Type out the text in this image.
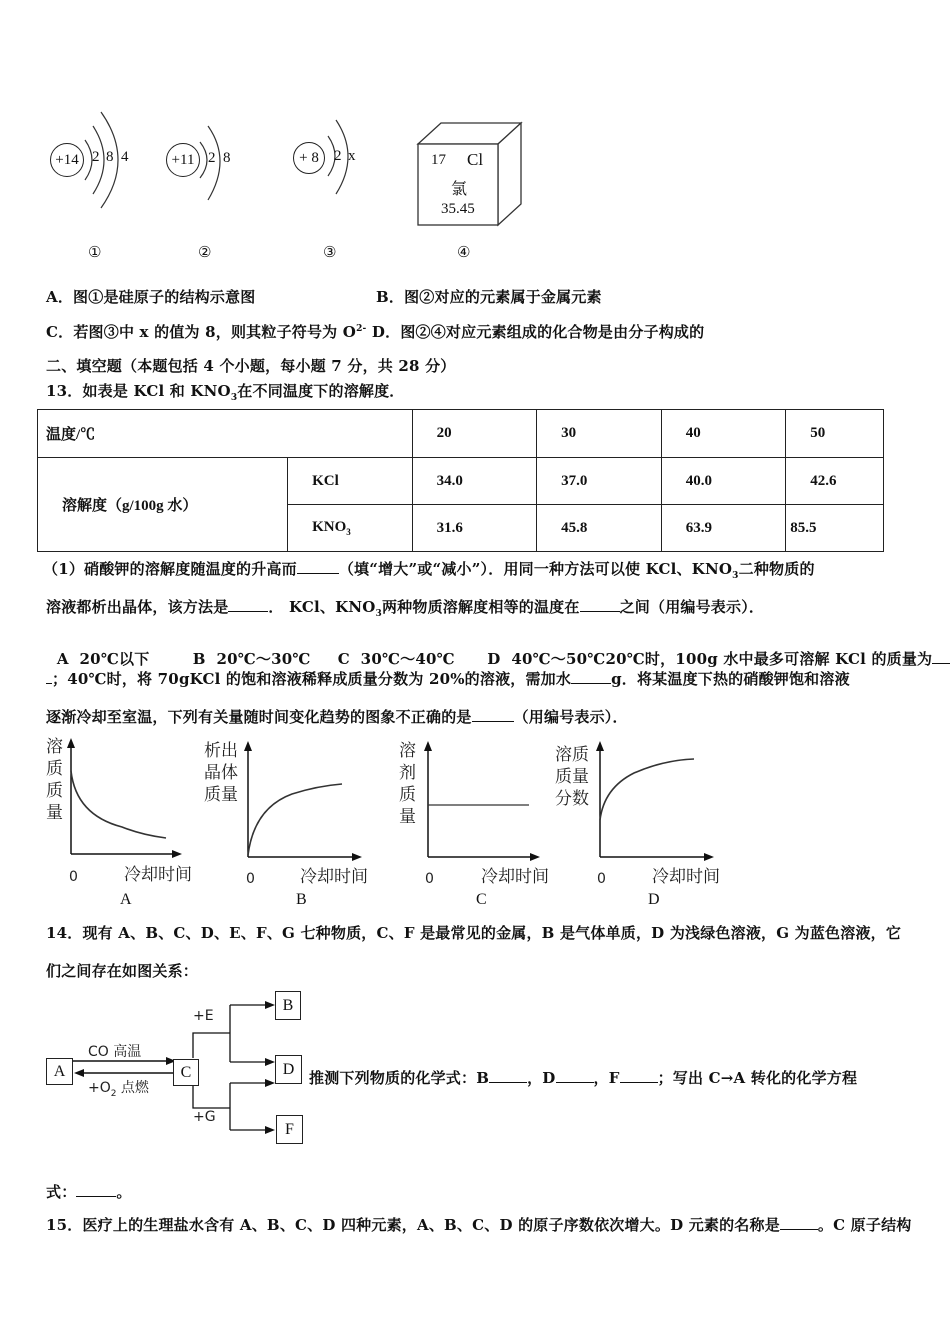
+14 2 8 4
①
+11 2 8
②
+ 8	2 x
③
17 Cl
氯
35.45
④
A．图①是硅原子的结构示意图	B．图②对应的元素属于金属元素
C．若图③中 x 的值为 8，则其粒子符号为 $O^{2-}$ D．图②④对应元素组成的化合物是由分子构成的
二、填空题（本题包括 4 个小题，每小题 7 分，共 28 分）
13．如表是 KCl 和 $KNO_3$在不同温度下的溶解度．
温度/℃		20	30	40	50
溶解度（g/100g 水）	KCl	34.0	37.0	40.0	42.6
	$KNO_3$	31.6	45.8	63.9	85.5
（1）硝酸钾的溶解度随温度的升高而	（填“增大”或“减小”）．用同一种方法可以使 KCl、$KNO_3$二种物质的
溶液都析出晶体，该方法是	． KCl、$KNO_3$两种物质溶解度相等的温度在	之间（用编号表示）．

A  20℃以下        B  20℃～30℃     C  30℃～40℃      D  40℃～50℃20℃时，100g 水中最多可溶解 KCl 的质量为

；40℃时，将 70gKCl 的饱和溶液稀释成质量分数为 20%的溶液，需加水	g．将某温度下热的硝酸钾饱和溶液
逐渐冷却至室温，下列有关量随时间变化趋势的图象不正确的是	（用编号表示）．
溶
质
质
量
0	冷却时间
A
析出
晶体
质量
0	冷却时间
B
溶
剂
质
量
0	冷却时间
C
溶质
质量
分数
0	冷却时间
D
14．现有 A、B、C、D、E、F、G 七种物质，C、F 是最常见的金属，B 是气体单质，D 为浅绿色溶液，G 为蓝色溶液，它
们之间存在如图关系：
A	C
B
D
F
CO 高温
$+O_2$ 点燃
+E
+G
推测下列物质的化学式：B	，D	，F	；写出 C→A 转化的化学方程
式：	。
15．医疗上的生理盐水含有 A、B、C、D 四种元素，A、B、C、D 的原子序数依次增大。D 元素的名称是	。C 原子结构
